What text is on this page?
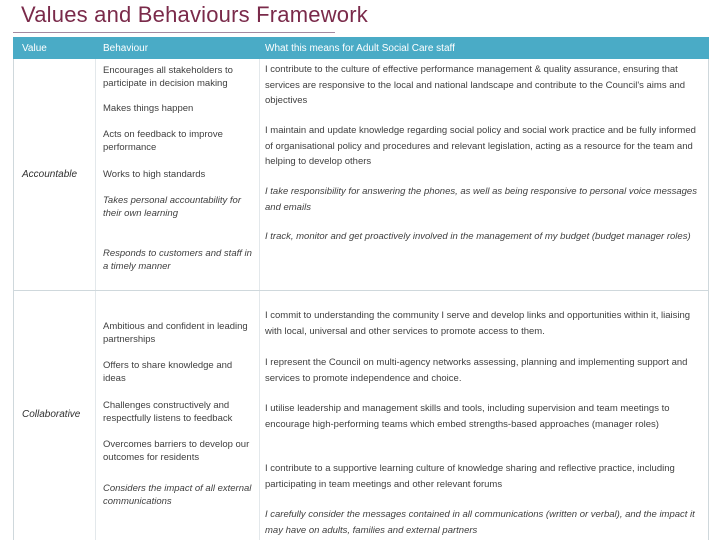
Values and Behaviours Framework
Value	Behaviour	What this means for Adult Social Care staff
Accountable
Encourages all stakeholders to participate in decision making
Makes things happen
Acts on feedback to improve performance
Works to high standards
Takes personal accountability for their own learning
Responds to customers and staff in a timely manner
I contribute to the culture of effective performance management & quality assurance, ensuring that services are responsive to the local and national landscape and contribute to the Council's aims and objectives
I maintain and update knowledge regarding social policy and social work practice and be fully informed of organisational policy and procedures and relevant legislation, acting as a resource for the team and helping to develop others
I take responsibility for answering the phones, as well as being responsive to personal voice messages and emails
I track, monitor and get proactively involved in the management of my budget (budget manager roles)
Collaborative
Ambitious and confident in leading partnerships
Offers to share knowledge and ideas
Challenges constructively and respectfully listens to feedback
Overcomes barriers to develop our outcomes for residents
Considers the impact of all external communications
I commit to understanding the community I serve and develop links and opportunities within it, liaising with local, universal and other services to promote access to them.
I represent the Council on multi-agency networks assessing, planning and implementing support and services to promote independence and choice.
I utilise leadership and management skills and tools, including supervision and team meetings to encourage high-performing teams which embed strengths-based approaches (manager roles)
I contribute to a supportive learning culture of knowledge sharing and reflective practice, including participating in team meetings and other relevant forums
I carefully consider the messages contained in all communications (written or verbal), and the impact it may have on adults, families and external partners
